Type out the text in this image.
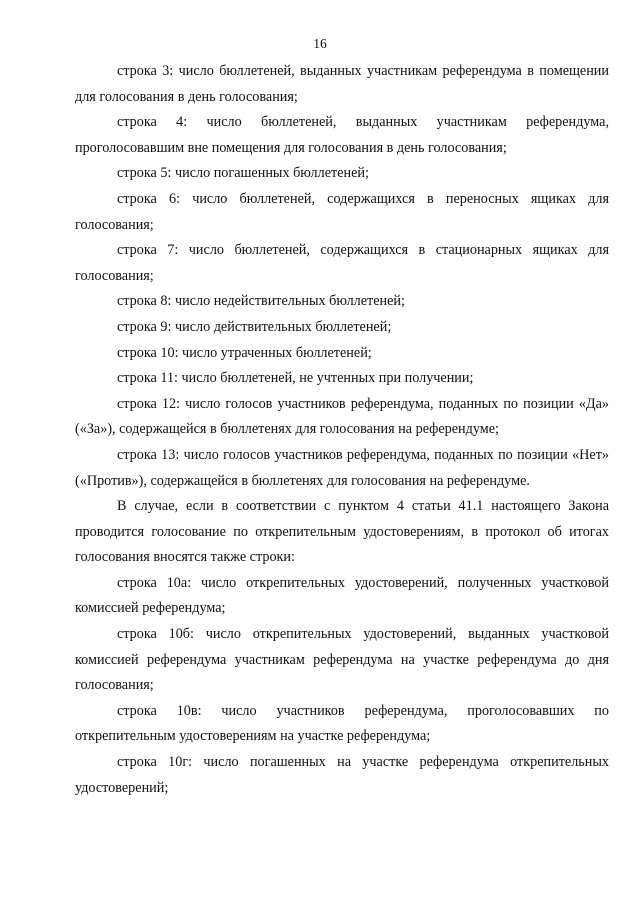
16

строка 3: число бюллетеней, выданных участникам референдума в помещении для голосования в день голосования;

строка 4: число бюллетеней, выданных участникам референдума, проголосовавшим вне помещения для голосования в день голосования;

строка 5: число погашенных бюллетеней;

строка 6: число бюллетеней, содержащихся в переносных ящиках для голосования;

строка 7: число бюллетеней, содержащихся в стационарных ящиках для голосования;

строка 8: число недействительных бюллетеней;

строка 9: число действительных бюллетеней;

строка 10: число утраченных бюллетеней;

строка 11: число бюллетеней, не учтенных при получении;

строка 12: число голосов участников референдума, поданных по позиции «Да» («За»), содержащейся в бюллетенях для голосования на референдуме;

строка 13: число голосов участников референдума, поданных по позиции «Нет» («Против»), содержащейся в бюллетенях для голосования на референдуме.

В случае, если в соответствии с пунктом 4 статьи 41.1 настоящего Закона проводится голосование по открепительным удостоверениям, в протокол об итогах голосования вносятся также строки:

строка 10а: число открепительных удостоверений, полученных участковой комиссией референдума;

строка 10б: число открепительных удостоверений, выданных участковой комиссией референдума участникам референдума на участке референдума до дня голосования;

строка 10в: число участников референдума, проголосовавших по открепительным удостоверениям на участке референдума;

строка 10г: число погашенных на участке референдума открепительных удостоверений;
